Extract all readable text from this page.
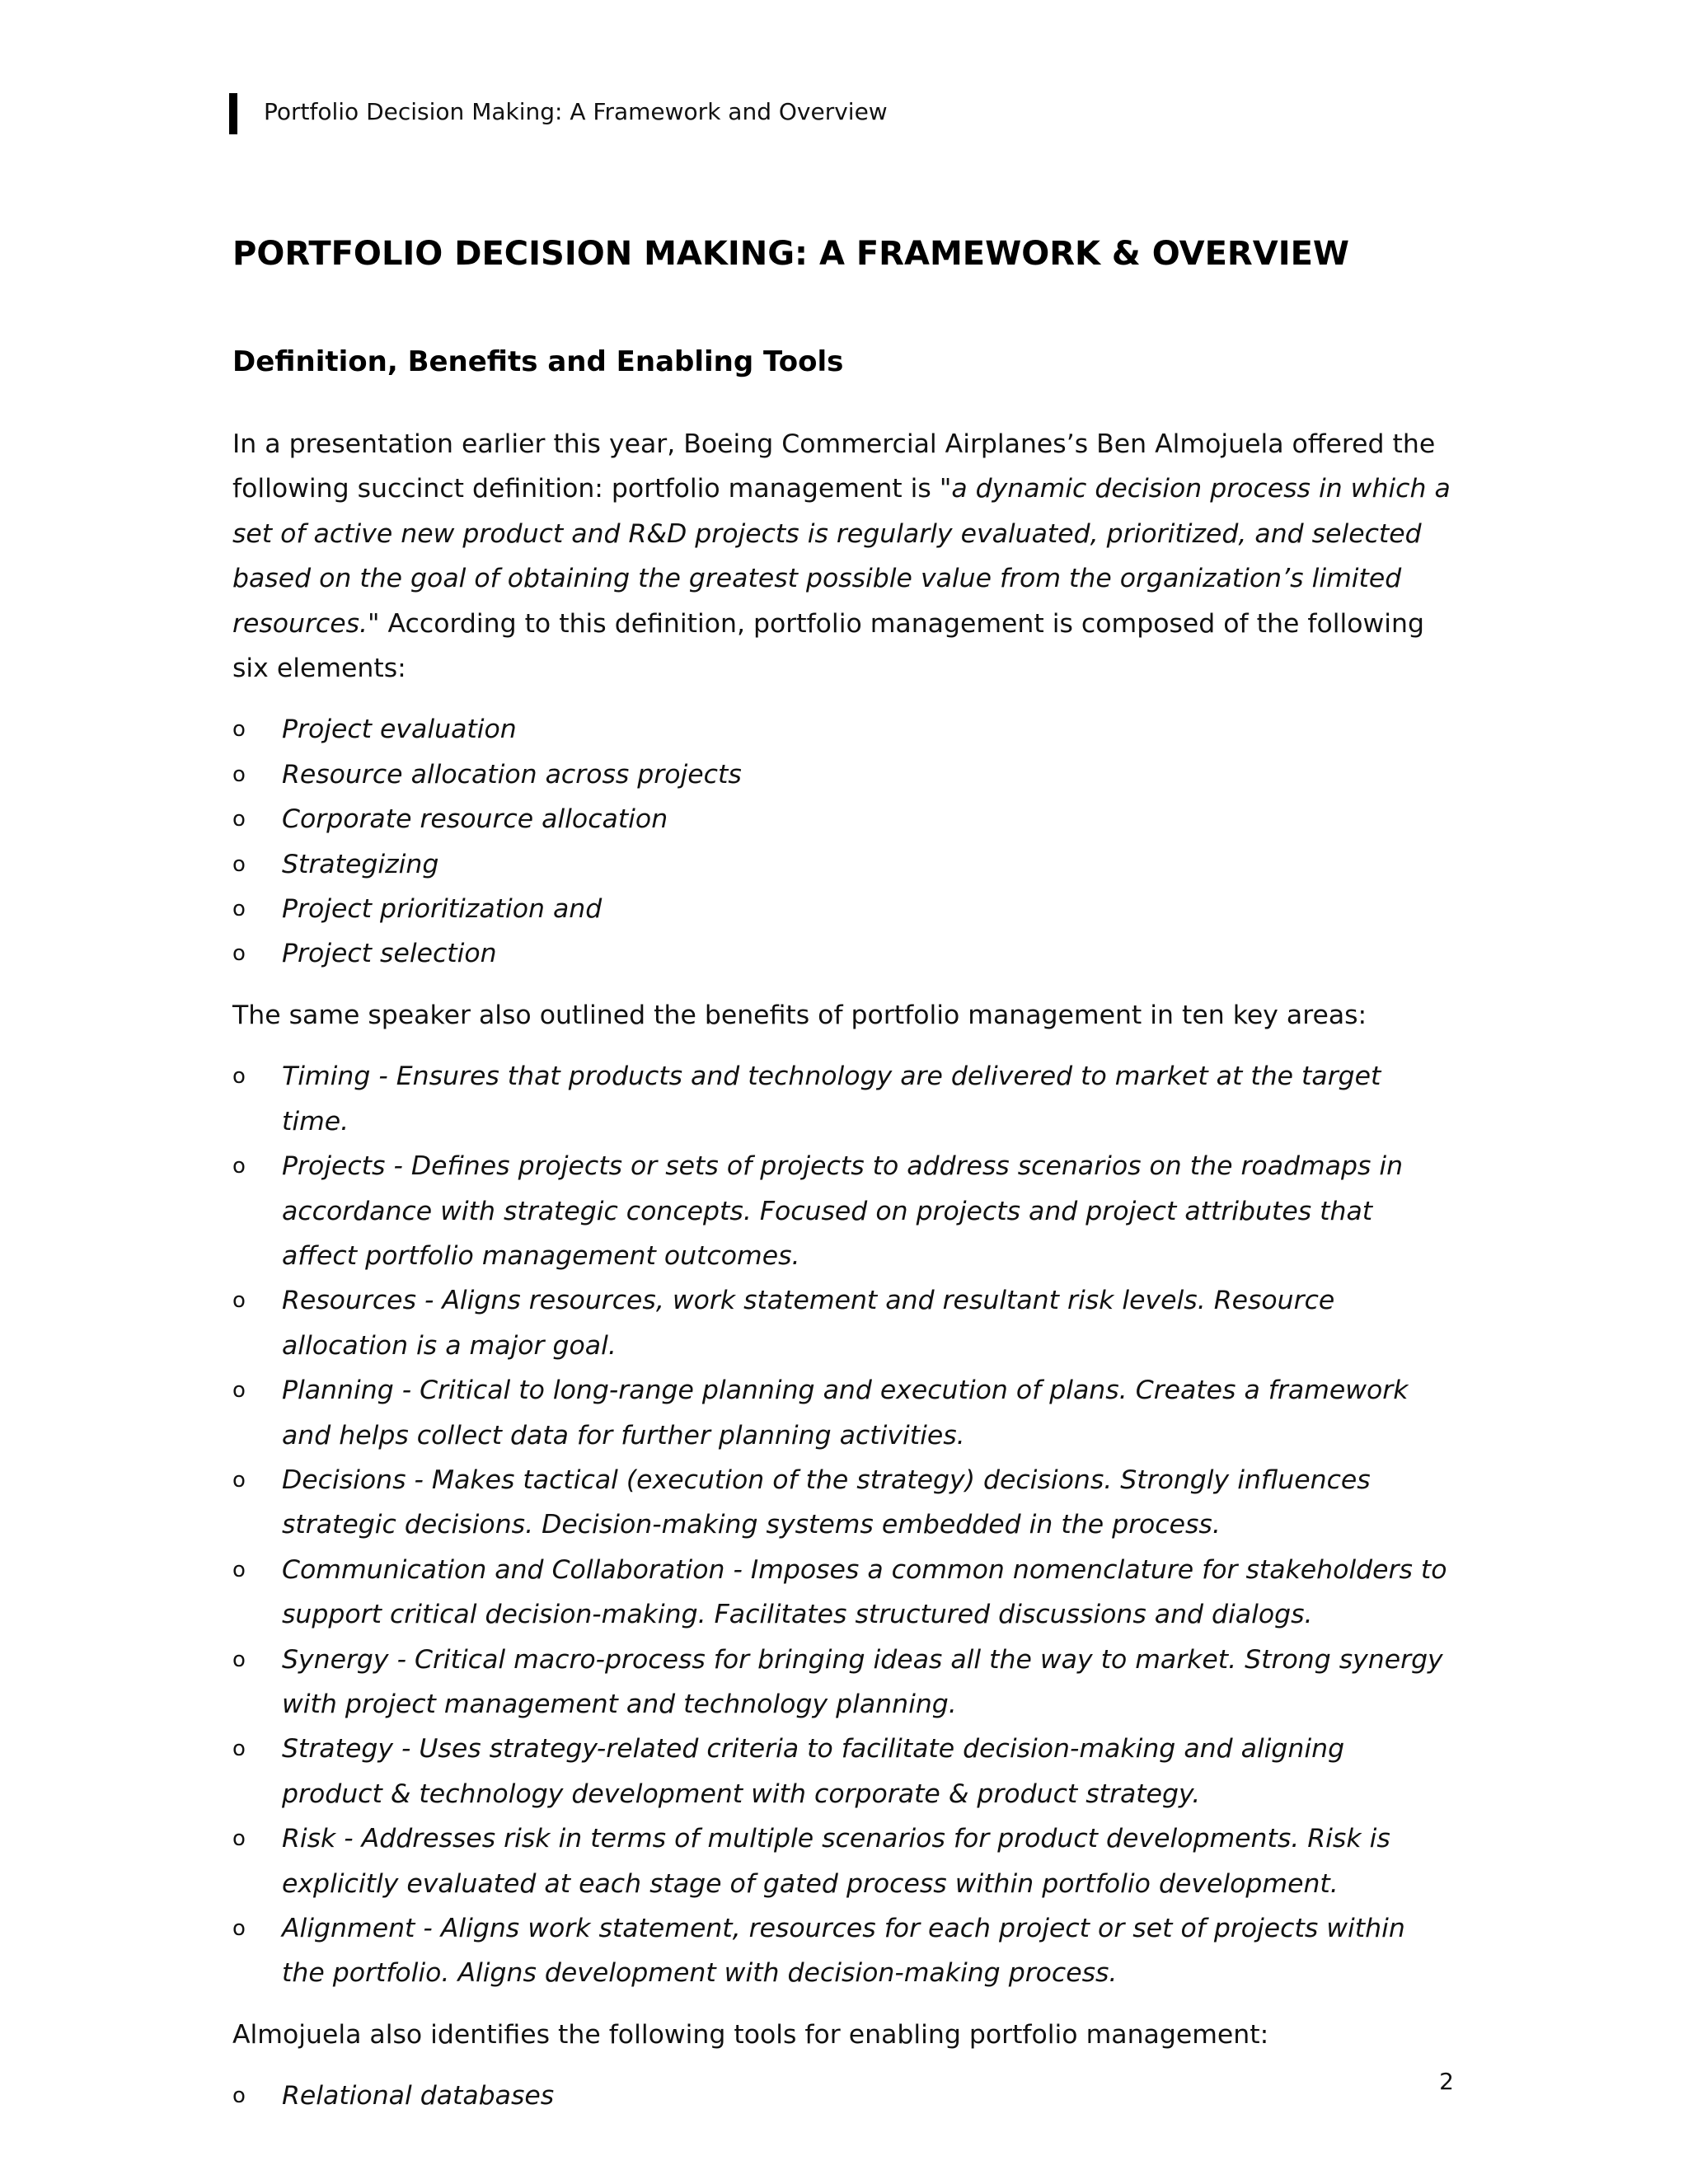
Portfolio Decision Making: A Framework and Overview
PORTFOLIO DECISION MAKING: A FRAMEWORK & OVERVIEW
Definition, Benefits and Enabling Tools

In a presentation earlier this year, Boeing Commercial Airplanes’s Ben Almojuela offered the following succinct definition: portfolio management is "a dynamic decision process in which a set of active new product and R&D projects is regularly evaluated, prioritized, and selected based on the goal of obtaining the greatest possible value from the organization’s limited resources." According to this definition, portfolio management is composed of the following six elements:

o Project evaluation
o Resource allocation across projects
o Corporate resource allocation
o Strategizing
o Project prioritization and
o Project selection

The same speaker also outlined the benefits of portfolio management in ten key areas:

o Timing - Ensures that products and technology are delivered to market at the target time.
o Projects - Defines projects or sets of projects to address scenarios on the roadmaps in accordance with strategic concepts. Focused on projects and project attributes that affect portfolio management outcomes.
o Resources - Aligns resources, work statement and resultant risk levels. Resource allocation is a major goal.
o Planning - Critical to long-range planning and execution of plans. Creates a framework and helps collect data for further planning activities.
o Decisions - Makes tactical (execution of the strategy) decisions. Strongly influences strategic decisions. Decision-making systems embedded in the process.
o Communication and Collaboration - Imposes a common nomenclature for stakeholders to support critical decision-making. Facilitates structured discussions and dialogs.
o Synergy - Critical macro-process for bringing ideas all the way to market. Strong synergy with project management and technology planning.
o Strategy - Uses strategy-related criteria to facilitate decision-making and aligning product & technology development with corporate & product strategy.
o Risk - Addresses risk in terms of multiple scenarios for product developments. Risk is explicitly evaluated at each stage of gated process within portfolio development.
o Alignment - Aligns work statement, resources for each project or set of projects within the portfolio. Aligns development with decision-making process.

Almojuela also identifies the following tools for enabling portfolio management:

o Relational databases	2
